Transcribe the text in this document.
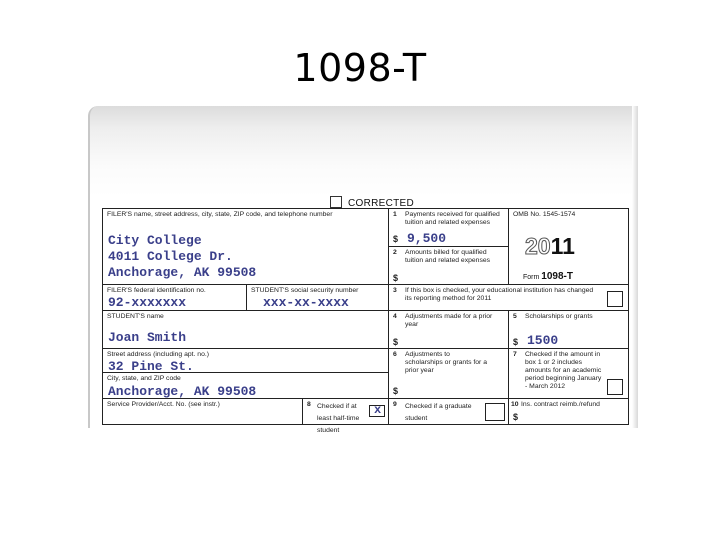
1098-T
CORRECTED
FILER'S name, street address, city, state, ZIP code, and telephone number
City College
4011 College Dr.
Anchorage, AK 99508
1 Payments received for qualified tuition and related expenses
$ 9,500
2 Amounts billed for qualified tuition and related expenses
$
OMB No. 1545-1574
2011
Form 1098-T
FILER'S federal identification no.
92-xxxxxxx
STUDENT'S social security number
xxx-xx-xxxx
3 If this box is checked, your educational institution has changed its reporting method for 2011
STUDENT'S name
Joan Smith
4 Adjustments made for a prior year
$
5 Scholarships or grants
$ 1500
Street address (including apt. no.)
32 Pine St.
City, state, and ZIP code
Anchorage, AK 99508
6 Adjustments to scholarships or grants for a prior year
$
7 Checked if the amount in box 1 or 2 includes amounts for an academic period beginning January - March 2012
Service Provider/Acct. No. (see instr.)	8 Checked if at least half-time student
x 9 Checked if a graduate student
10 Ins. contract reimb./refund
$
